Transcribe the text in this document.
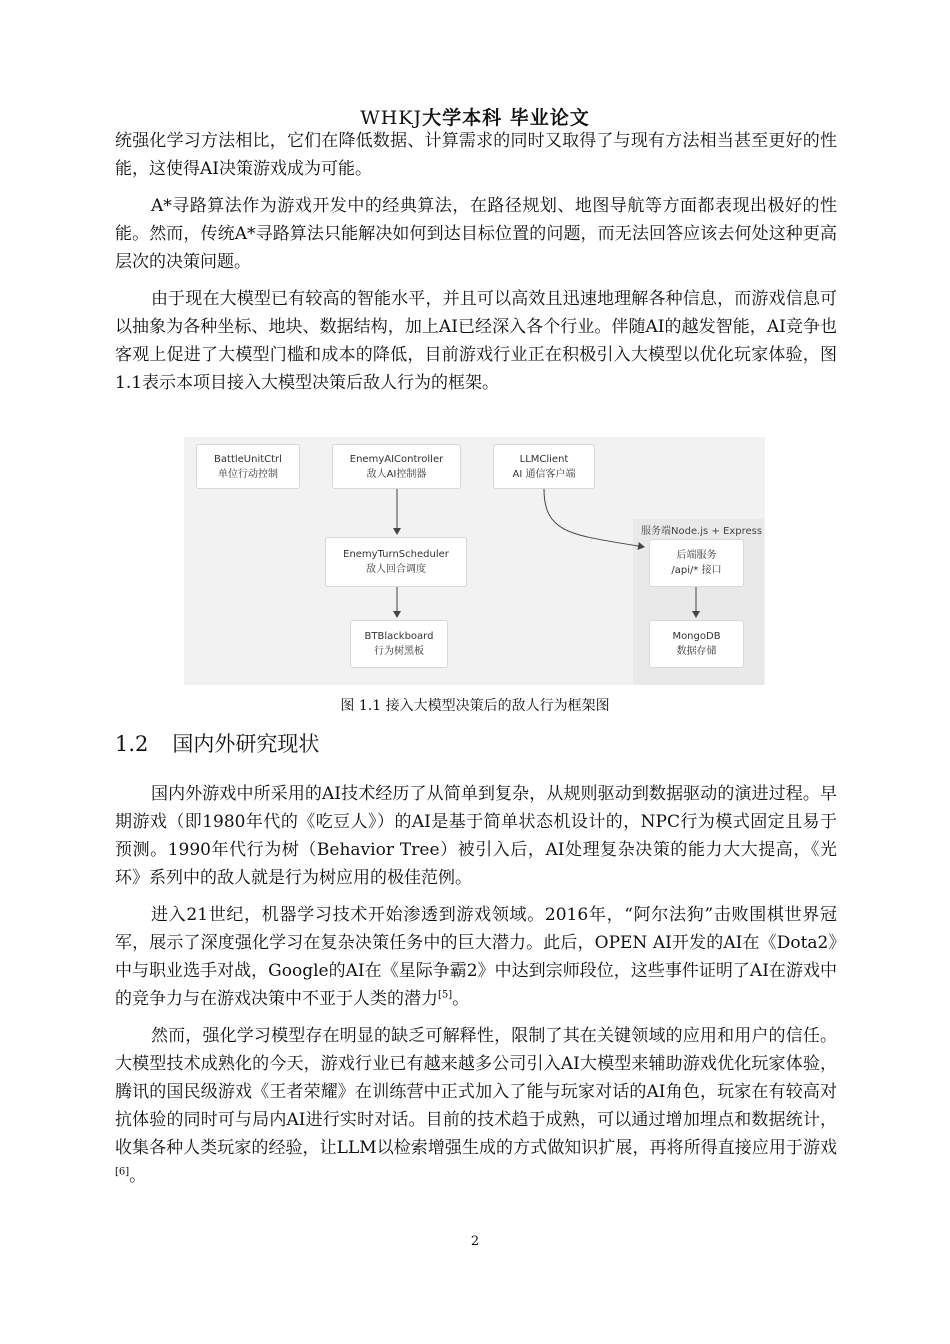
WHKJ大学本科 毕业论文

统强化学习方法相比，它们在降低数据、计算需求的同时又取得了与现有方法相当甚至更好的性能，这使得AI决策游戏成为可能。

A*寻路算法作为游戏开发中的经典算法，在路径规划、地图导航等方面都表现出极好的性能。然而，传统A*寻路算法只能解决如何到达目标位置的问题，而无法回答应该去何处这种更高层次的决策问题。

由于现在大模型已有较高的智能水平，并且可以高效且迅速地理解各种信息，而游戏信息可以抽象为各种坐标、地块、数据结构，加上AI已经深入各个行业。伴随AI的越发智能，AI竞争也客观上促进了大模型门槛和成本的降低，目前游戏行业正在积极引入大模型以优化玩家体验，图1.1表示本项目接入大模型决策后敌人行为的框架。

服务端Node.js + Express
BattleUnitCtrl
单位行动控制
EnemyAIController
敌人AI控制器
LLMClient
AI 通信客户端
EnemyTurnScheduler
敌人回合调度
BTBlackboard
行为树黑板
后端服务
/api/* 接口
MongoDB
数据存储
图 1.1 接入大模型决策后的敌人行为框架图
1.2 国内外研究现状

国内外游戏中所采用的AI技术经历了从简单到复杂，从规则驱动到数据驱动的演进过程。早期游戏（即1980年代的《吃豆人》）的AI是基于简单状态机设计的，NPC行为模式固定且易于预测。1990年代行为树（Behavior Tree）被引入后，AI处理复杂决策的能力大大提高，《光环》系列中的敌人就是行为树应用的极佳范例。

进入21世纪，机器学习技术开始渗透到游戏领域。2016年，“阿尔法狗”击败围棋世界冠军，展示了深度强化学习在复杂决策任务中的巨大潜力。此后，OPEN AI开发的AI在《Dota2》中与职业选手对战，Google的AI在《星际争霸2》中达到宗师段位，这些事件证明了AI在游戏中的竞争力与在游戏决策中不亚于人类的潜力[5]。

然而，强化学习模型存在明显的缺乏可解释性，限制了其在关键领域的应用和用户的信任。大模型技术成熟化的今天，游戏行业已有越来越多公司引入AI大模型来辅助游戏优化玩家体验，腾讯的国民级游戏《王者荣耀》在训练营中正式加入了能与玩家对话的AI角色，玩家在有较高对抗体验的同时可与局内AI进行实时对话。目前的技术趋于成熟，可以通过增加埋点和数据统计，收集各种人类玩家的经验，让LLM以检索增强生成的方式做知识扩展，再将所得直接应用于游戏[6]。

2
